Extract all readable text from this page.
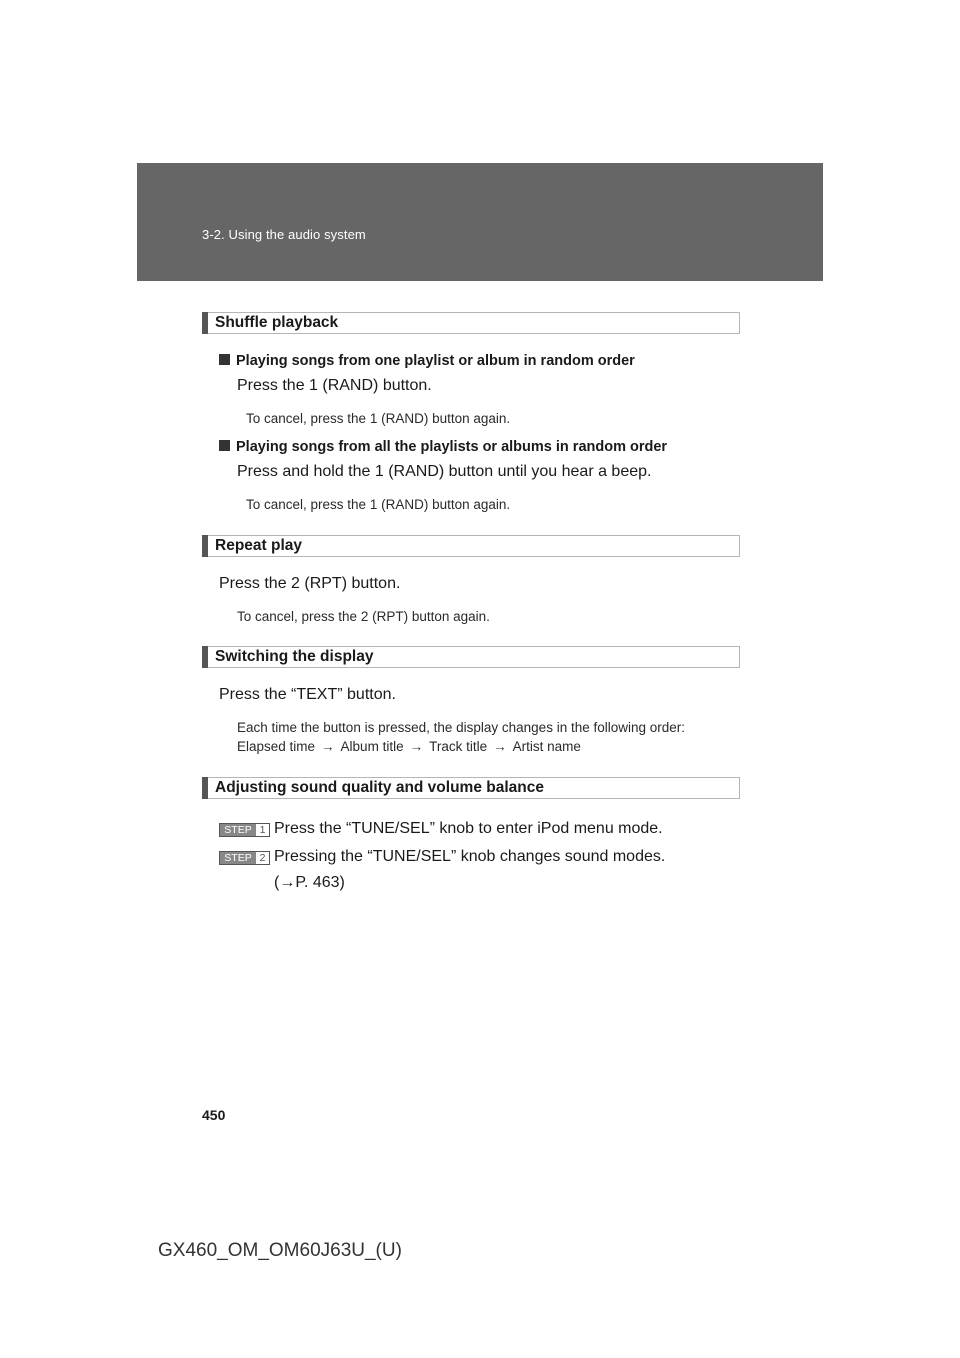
3-2. Using the audio system
Shuffle playback
Playing songs from one playlist or album in random order
Press the 1 (RAND) button.
To cancel, press the 1 (RAND) button again.
Playing songs from all the playlists or albums in random order
Press and hold the 1 (RAND) button until you hear a beep.
To cancel, press the 1 (RAND) button again.
Repeat play
Press the 2 (RPT) button.
To cancel, press the 2 (RPT) button again.
Switching the display
Press the “TEXT” button.
Each time the button is pressed, the display changes in the following order:
Elapsed time → Album title → Track title → Artist name
Adjusting sound quality and volume balance
STEP 1 Press the “TUNE/SEL” knob to enter iPod menu mode.
STEP 2 Pressing the “TUNE/SEL” knob changes sound modes.
(→P. 463)
450
GX460_OM_OM60J63U_(U)
